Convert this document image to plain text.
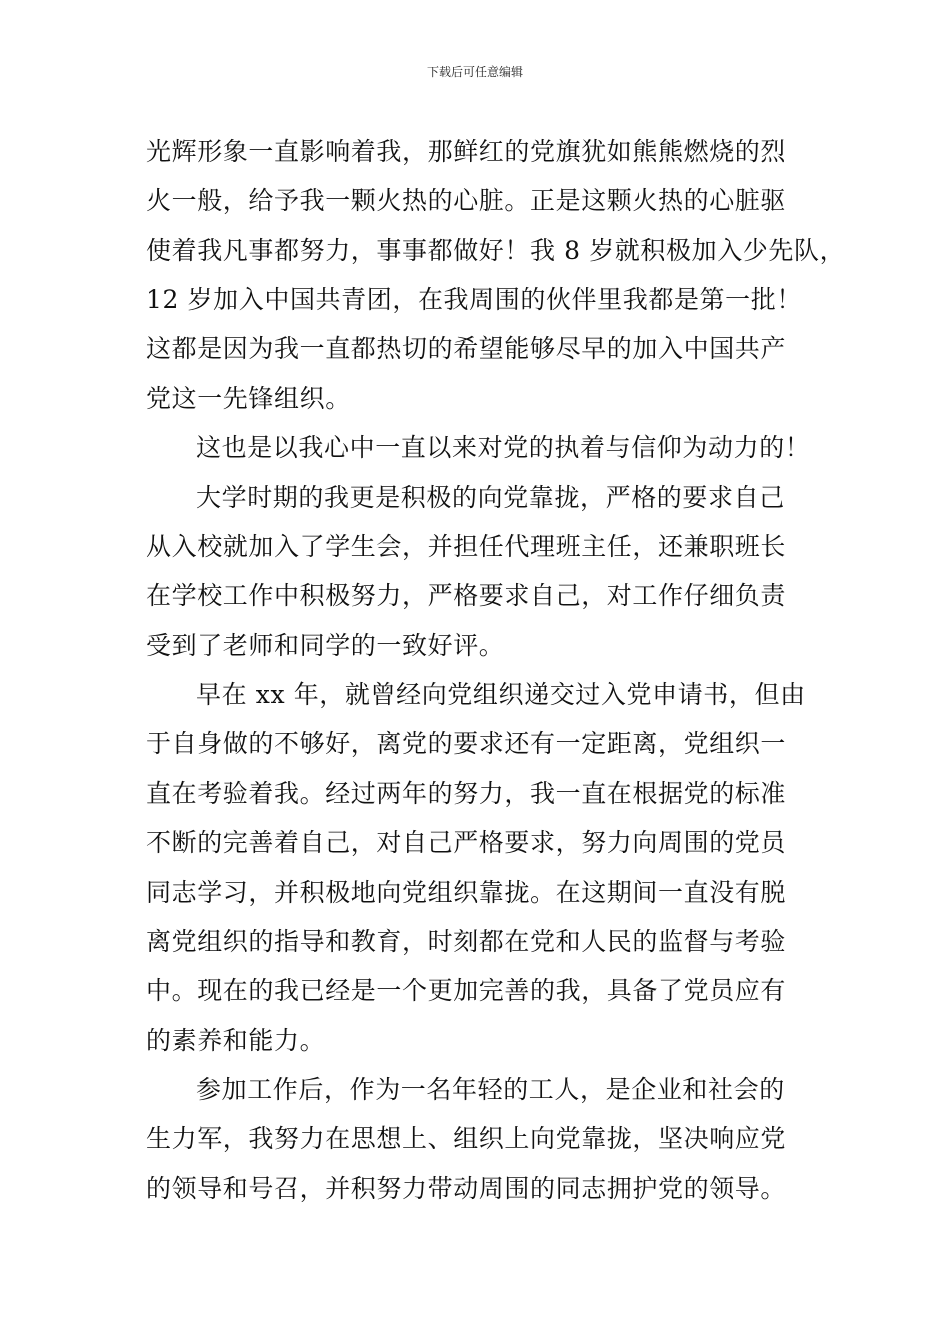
下载后可任意编辑
光辉形象一直影响着我，那鲜红的党旗犹如熊熊燃烧的烈
火一般，给予我一颗火热的心脏。正是这颗火热的心脏驱
使着我凡事都努力，事事都做好！我 8 岁就积极加入少先队，
12 岁加入中国共青团，在我周围的伙伴里我都是第一批！
这都是因为我一直都热切的希望能够尽早的加入中国共产
党这一先锋组织。
这也是以我心中一直以来对党的执着与信仰为动力的！
大学时期的我更是积极的向党靠拢，严格的要求自己
从入校就加入了学生会，并担任代理班主任，还兼职班长
在学校工作中积极努力，严格要求自己，对工作仔细负责
受到了老师和同学的一致好评。
早在 xx 年，就曾经向党组织递交过入党申请书，但由
于自身做的不够好，离党的要求还有一定距离，党组织一
直在考验着我。经过两年的努力，我一直在根据党的标准
不断的完善着自己，对自己严格要求，努力向周围的党员
同志学习，并积极地向党组织靠拢。在这期间一直没有脱
离党组织的指导和教育，时刻都在党和人民的监督与考验
中。现在的我已经是一个更加完善的我，具备了党员应有
的素养和能力。
参加工作后，作为一名年轻的工人，是企业和社会的
生力军，我努力在思想上、组织上向党靠拢，坚决响应党
的领导和号召，并积努力带动周围的同志拥护党的领导。
